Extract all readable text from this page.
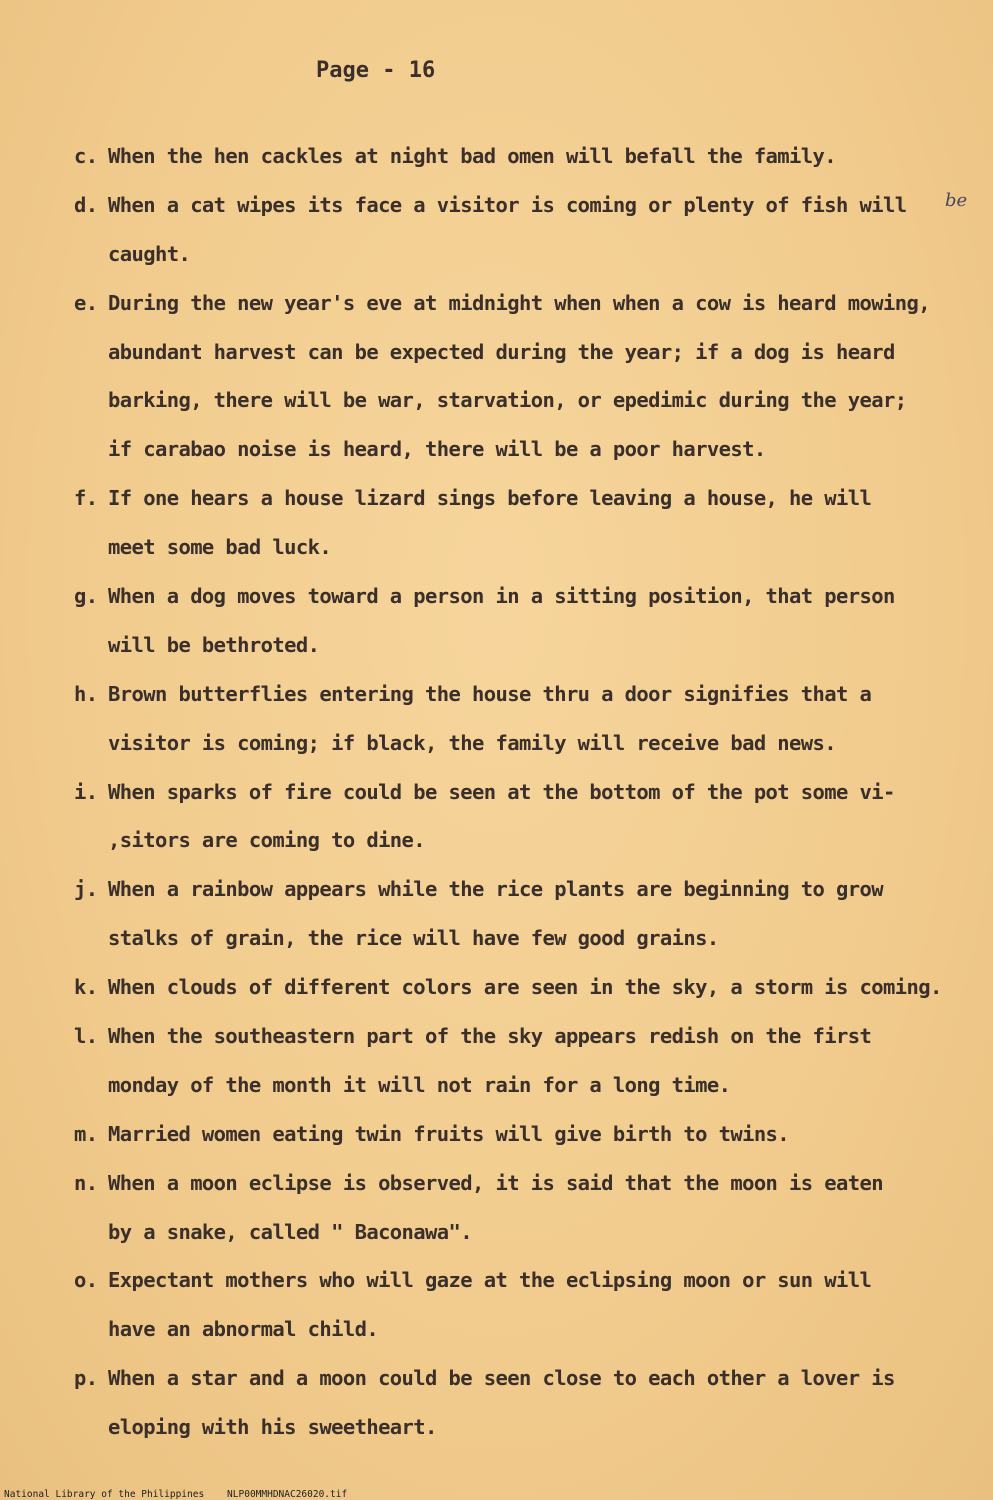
Page - 16
be
c. When the hen cackles at night bad omen will befall the family.
d. When a cat wipes its face a visitor is coming or plenty of fish will
caught.
e. During the new year's eve at midnight when when a cow is heard mowing,
abundant harvest can be expected during the year; if a dog is heard
barking, there will be war, starvation, or epedimic during the year;
if carabao noise is heard, there will be a poor harvest.
f. If one hears a house lizard sings before leaving a house, he will
meet some bad luck.
g. When a dog moves toward a person in a sitting position, that person
will be bethroted.
h. Brown butterflies entering the house thru a door signifies that a
visitor is coming; if black, the family will receive bad news.
i. When sparks of fire could be seen at the bottom of the pot some vi-
,sitors are coming to dine.
j. When a rainbow appears while the rice plants are beginning to grow
stalks of grain, the rice will have few good grains.
k. When clouds of different colors are seen in the sky, a storm is coming.
l. When the southeastern part of the sky appears redish on the first
monday of the month it will not rain for a long time.
m. Married women eating twin fruits will give birth to twins.
n. When a moon eclipse is observed, it is said that the moon is eaten
by a snake, called " Baconawa".
o. Expectant mothers who will gaze at the eclipsing moon or sun will
have an abnormal child.
p. When a star and a moon could be seen close to each other a lover is
eloping with his sweetheart.
National Library of the Philippines    NLP00MMHDNAC26020.tif
